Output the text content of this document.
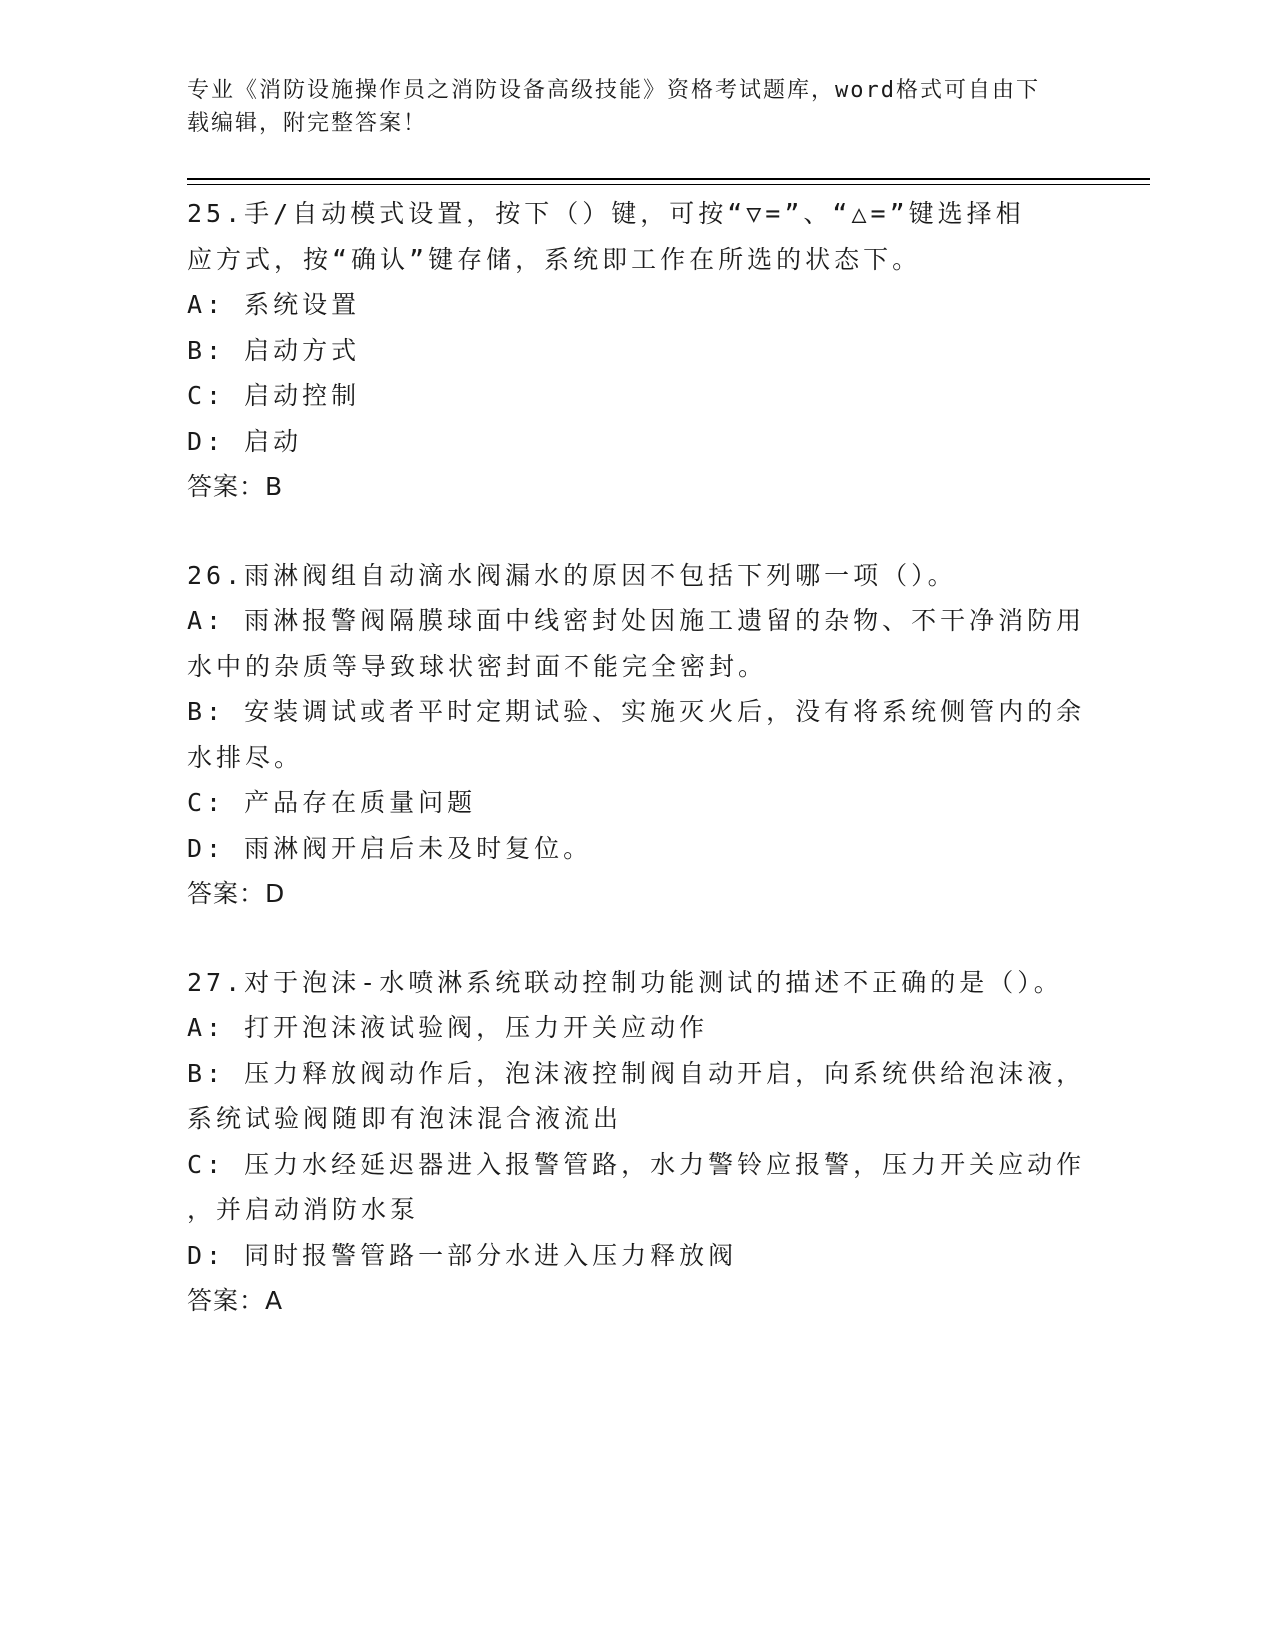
专业《消防设施操作员之消防设备高级技能》资格考试题库，word格式可自由下
载编辑，附完整答案！

25.手/自动模式设置，按下（）键，可按“▽=”、“△=”键选择相

应方式，按“确认”键存储，系统即工作在所选的状态下。

A: 系统设置

B: 启动方式

C: 启动控制

D: 启动

答案：B

26.雨淋阀组自动滴水阀漏水的原因不包括下列哪一项（）。

A: 雨淋报警阀隔膜球面中线密封处因施工遗留的杂物、不干净消防用

水中的杂质等导致球状密封面不能完全密封。

B: 安装调试或者平时定期试验、实施灭火后，没有将系统侧管内的余

水排尽。

C: 产品存在质量问题

D: 雨淋阀开启后未及时复位。

答案：D

27.对于泡沫-水喷淋系统联动控制功能测试的描述不正确的是（）。

A: 打开泡沫液试验阀，压力开关应动作

B: 压力释放阀动作后，泡沫液控制阀自动开启，向系统供给泡沫液，

系统试验阀随即有泡沫混合液流出

C: 压力水经延迟器进入报警管路，水力警铃应报警，压力开关应动作

，并启动消防水泵

D: 同时报警管路一部分水进入压力释放阀

答案：A
